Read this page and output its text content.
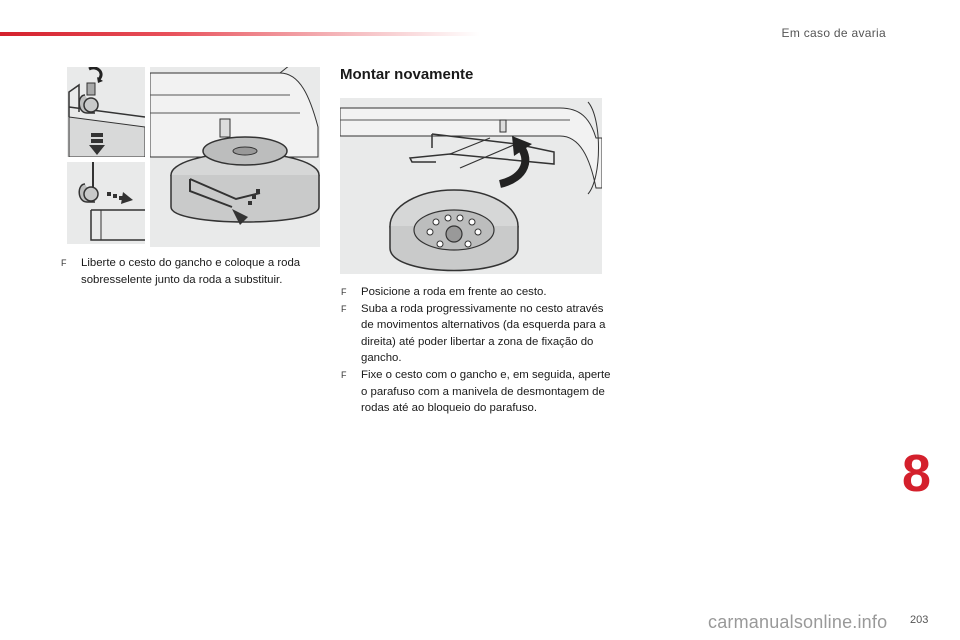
Em caso de avaria
F Liberte o cesto do gancho e coloque a roda sobresselente junto da roda a substituir.
Montar novamente
F Posicione a roda em frente ao cesto.
F Suba a roda progressivamente no cesto através de movimentos alternativos (da esquerda para a direita) até poder libertar a zona de fixação do gancho.
F Fixe o cesto com o gancho e, em seguida, aperte o parafuso com a manivela de desmontagem de rodas até ao bloqueio do parafuso.
8
carmanualsonline.info 203
